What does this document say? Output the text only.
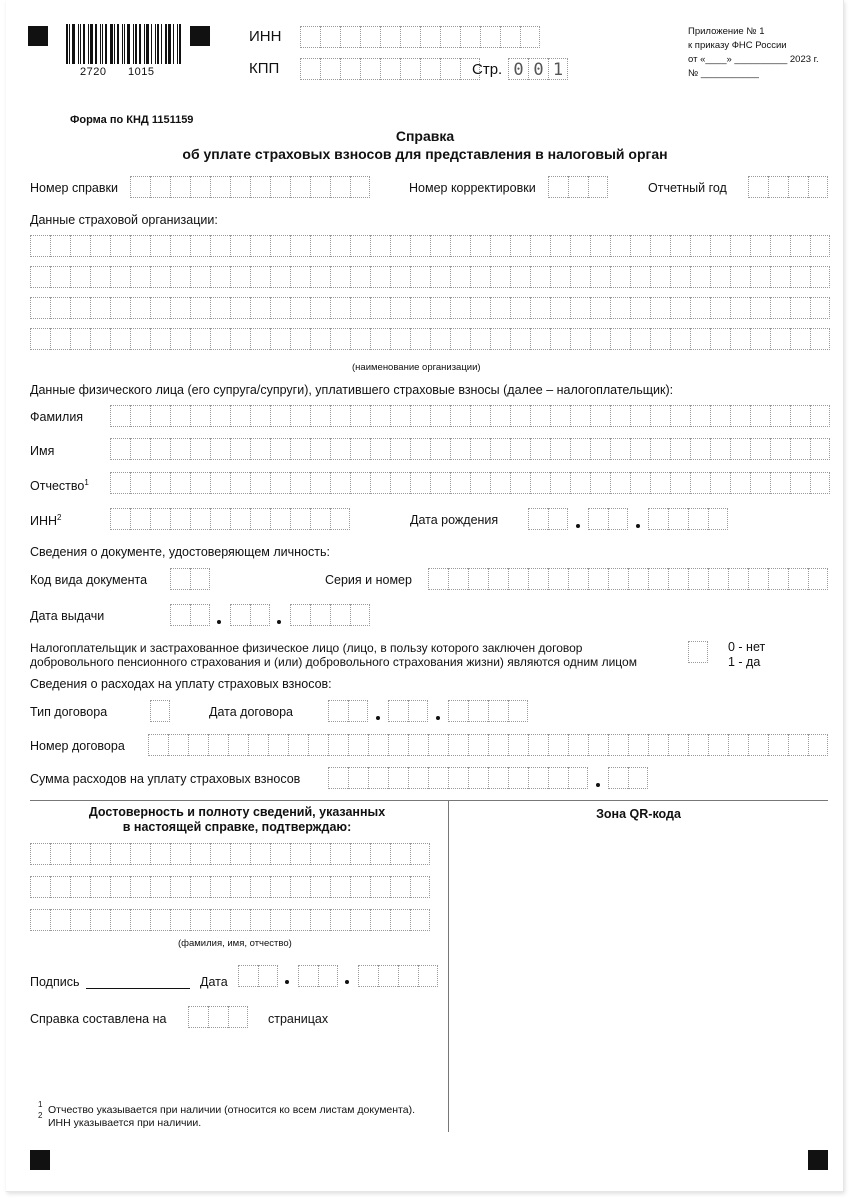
2720 1015
ИНН
КПП	Стр. 0 0 1
Приложение № 1
к приказу ФНС России
от «____» __________ 2023 г.
№ ___________
Форма по КНД 1151159
Справка
об уплате страховых взносов для представления в налоговый орган
Номер справки	Номер корректировки	Отчетный год
Данные страховой организации:
(наименование организации)
Данные физического лица (его супруга/супруги), уплатившего страховые взносы (далее – налогоплательщик):
Фамилия
Имя
Отчество$^1$
ИНН$^2$	Дата рождения
Сведения о документе, удостоверяющем личность:
Код вида документа	Серия и номер
Дата выдачи
Налогоплательщик и застрахованное физическое лицо (лицо, в пользу которого заключен договор
добровольного пенсионного страхования и (или) добровольного страхования жизни) являются одним лицом
0 - нет
1 - да
Сведения о расходах на уплату страховых взносов:
Тип договора	Дата договора
Номер договора
Сумма расходов на уплату страховых взносов
Достоверность и полноту сведений, указанных
в настоящей справке, подтверждаю:
(фамилия, имя, отчество)
Подпись	Дата
Справка составлена на	страницах
Зона QR-кода
1
2 Отчество указывается при наличии (относится ко всем листам документа).
ИНН указывается при наличии.
